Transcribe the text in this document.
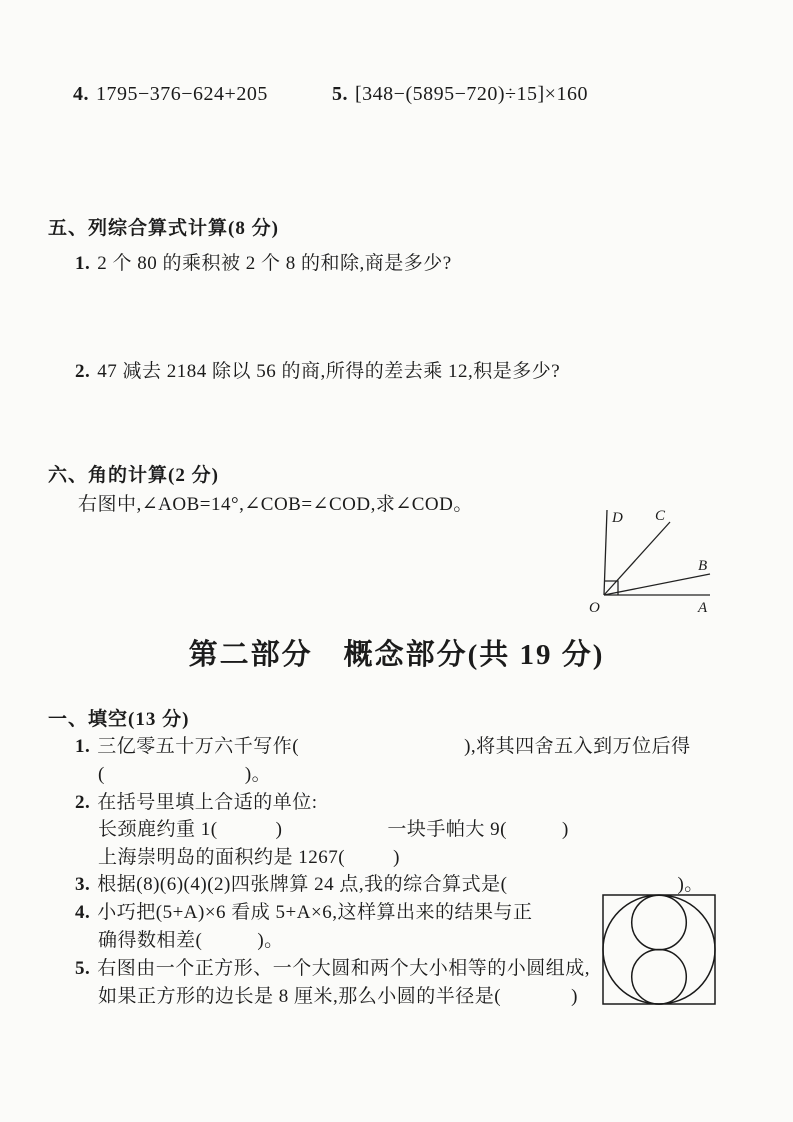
4. 1795−376−624+205	5. [348−(5895−720)÷15]×160
五、列综合算式计算(8 分)
1. 2 个 80 的乘积被 2 个 8 的和除,商是多少?
2. 47 减去 2184 除以 56 的商,所得的差去乘 12,积是多少?
六、角的计算(2 分)
右图中,∠AOB=14°,∠COB=∠COD,求∠COD。
D C
B
A
O
第二部分　概念部分(共 19 分)
一、填空(13 分)
1. 三亿零五十万六千写作(	),将其四舍五入到万位后得
(	)。
2. 在括号里填上合适的单位:
长颈鹿约重 1(	)	一块手帕大 9(	)
上海崇明岛的面积约是 1267(	)
3. 根据(8)(6)(4)(2)四张牌算 24 点,我的综合算式是(	)。
4. 小巧把(5+A)×6 看成 5+A×6,这样算出来的结果与正
确得数相差(	)。
5. 右图由一个正方形、一个大圆和两个大小相等的小圆组成,
如果正方形的边长是 8 厘米,那么小圆的半径是(	)
